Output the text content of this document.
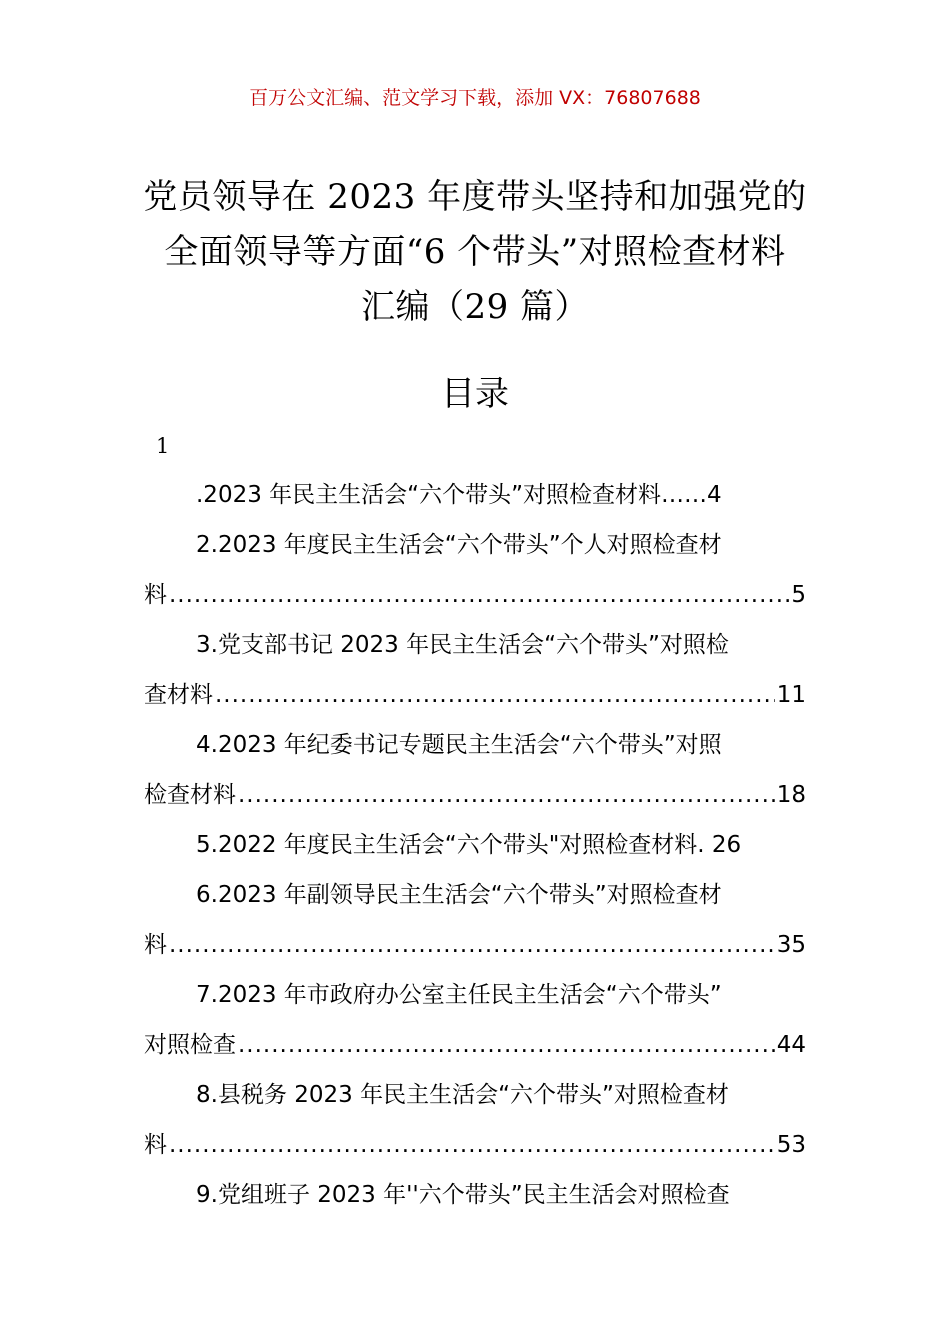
百万公文汇编、范文学习下载，添加 VX：76807688
党员领导在 2023 年度带头坚持和加强党的
全面领导等方面“6 个带头”对照检查材料
汇编（29 篇）
目录
1
.2023 年民主生活会“六个带头”对照检查材料……4
2.2023 年度民主生活会“六个带头”个人对照检查材
料 .....	5
3.党支部书记 2023 年民主生活会“六个带头”对照检
查材料 .....	11
4.2023 年纪委书记专题民主生活会“六个带头”对照
检查材料 .....	18
5.2022 年度民主生活会“六个带头"对照检查材料. 26
6.2023 年副领导民主生活会“六个带头”对照检查材
料 .....	35
7.2023 年市政府办公室主任民主生活会“六个带头”
对照检查 .....	44
8.县税务 2023 年民主生活会“六个带头”对照检查材
料 .....	53
9.党组班子 2023 年''六个带头”民主生活会对照检查
